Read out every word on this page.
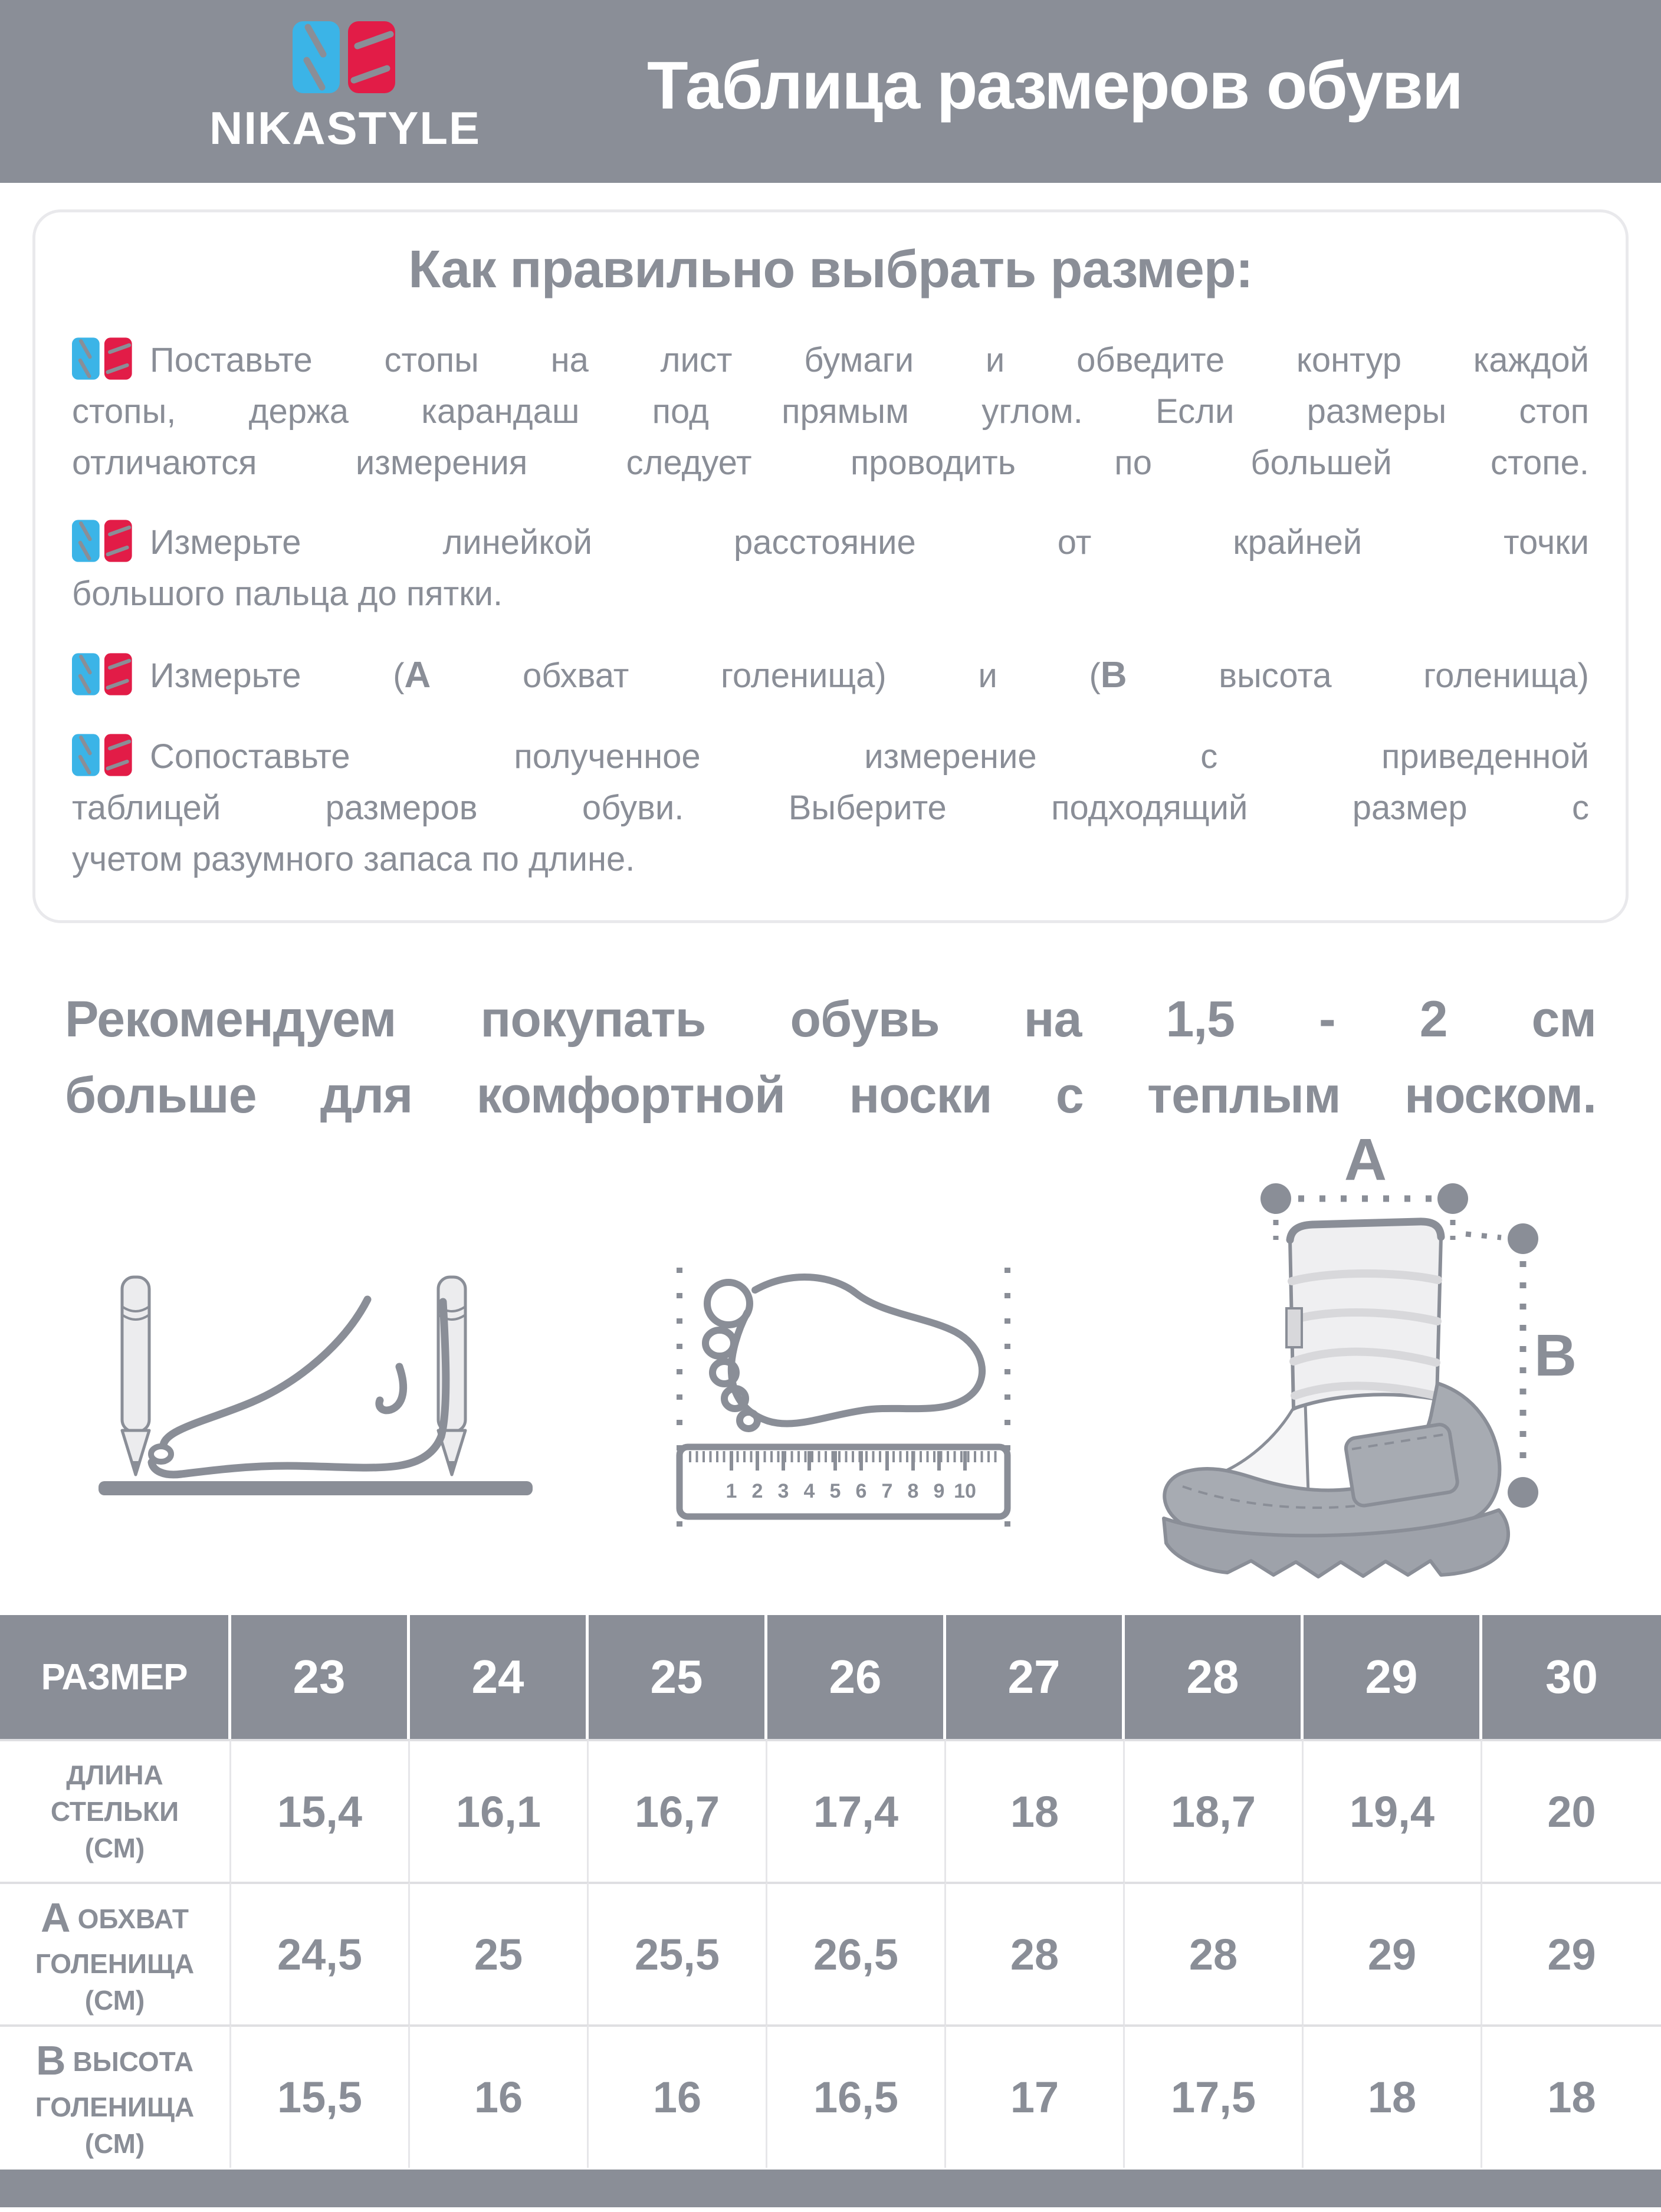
NIKASTYLE
Таблица размеров обуви
Как правильно выбрать размер:
Поставьте стопы на лист бумаги и обведите контур каждой
стопы, держа карандаш под прямым углом. Если размеры стоп
отличаются измерения следует проводить по большей стопе.
Измерьте линейкой расстояние от крайней точки
большого пальца до пятки.
Измерьте (А обхват голенища) и (В высота голенища)
Сопоставьте полученное измерение с приведенной
таблицей размеров обуви. Выберите подходящий размер с
учетом разумного запаса по длине.
Рекомендуем покупать обувь на 1,5 - 2 см
больше для комфортной носки с теплым носком.
1 2 3 4 5 6 7 8 9 10
А
В
РАЗМЕР	23	24	25	26	27	28	29	30
ДЛИНА
СТЕЛЬКИ
(СМ)
15,4	16,1	16,7	17,4	18	18,7	19,4	20
АОБХВАТ
ГОЛЕНИЩА
(СМ)
24,5	25	25,5	26,5	28	28	29	29
ВВЫСОТА
ГОЛЕНИЩА
(СМ)
15,5	16	16	16,5	17	17,5	18	18
